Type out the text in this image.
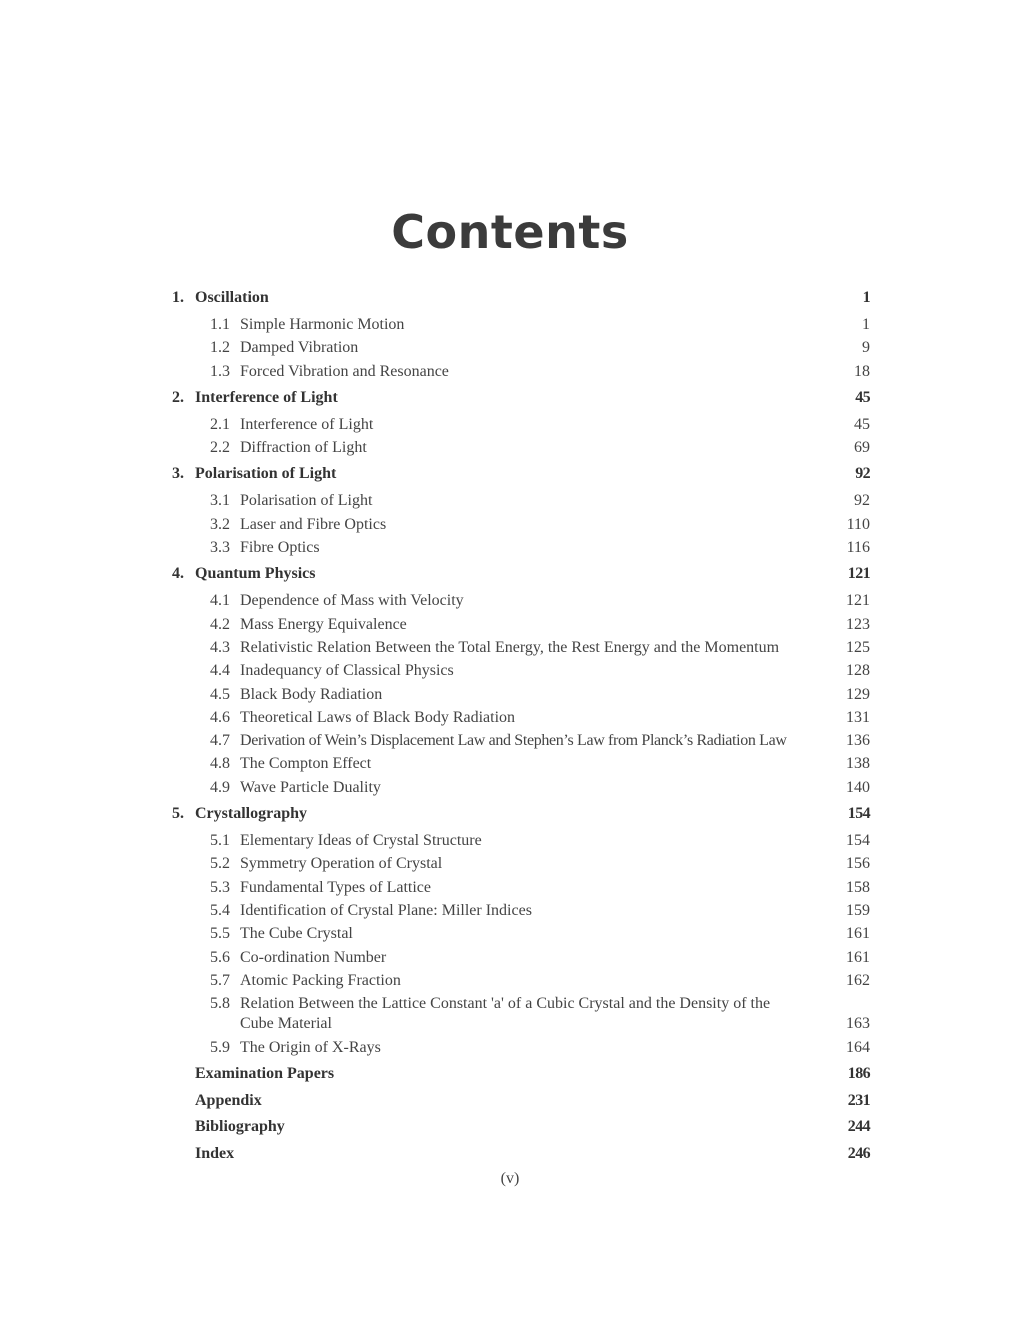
Contents
1. Oscillation	1
1.1 Simple Harmonic Motion	1
1.2 Damped Vibration	9
1.3 Forced Vibration and Resonance	18
2. Interference of Light	45
2.1 Interference of Light	45
2.2 Diffraction of Light	69
3. Polarisation of Light	92
3.1 Polarisation of Light	92
3.2 Laser and Fibre Optics	110
3.3 Fibre Optics	116
4. Quantum Physics	121
4.1 Dependence of Mass with Velocity	121
4.2 Mass Energy Equivalence	123
4.3 Relativistic Relation Between the Total Energy, the Rest Energy and the Momentum	125
4.4 Inadequancy of Classical Physics	128
4.5 Black Body Radiation	129
4.6 Theoretical Laws of Black Body Radiation	131
4.7 Derivation of Wein’s Displacement Law and Stephen’s Law from Planck’s Radiation Law	136
4.8 The Compton Effect	138
4.9 Wave Particle Duality	140
5. Crystallography	154
5.1 Elementary Ideas of Crystal Structure	154
5.2 Symmetry Operation of Crystal	156
5.3 Fundamental Types of Lattice	158
5.4 Identification of Crystal Plane: Miller Indices	159
5.5 The Cube Crystal	161
5.6 Co-ordination Number	161
5.7 Atomic Packing Fraction	162
5.8 Relation Between the Lattice Constant 'a' of a Cubic Crystal and the Density of the Cube Material	163
5.9 The Origin of X-Rays	164
Examination Papers	186
Appendix	231
Bibliography	244
Index	246
(v)
